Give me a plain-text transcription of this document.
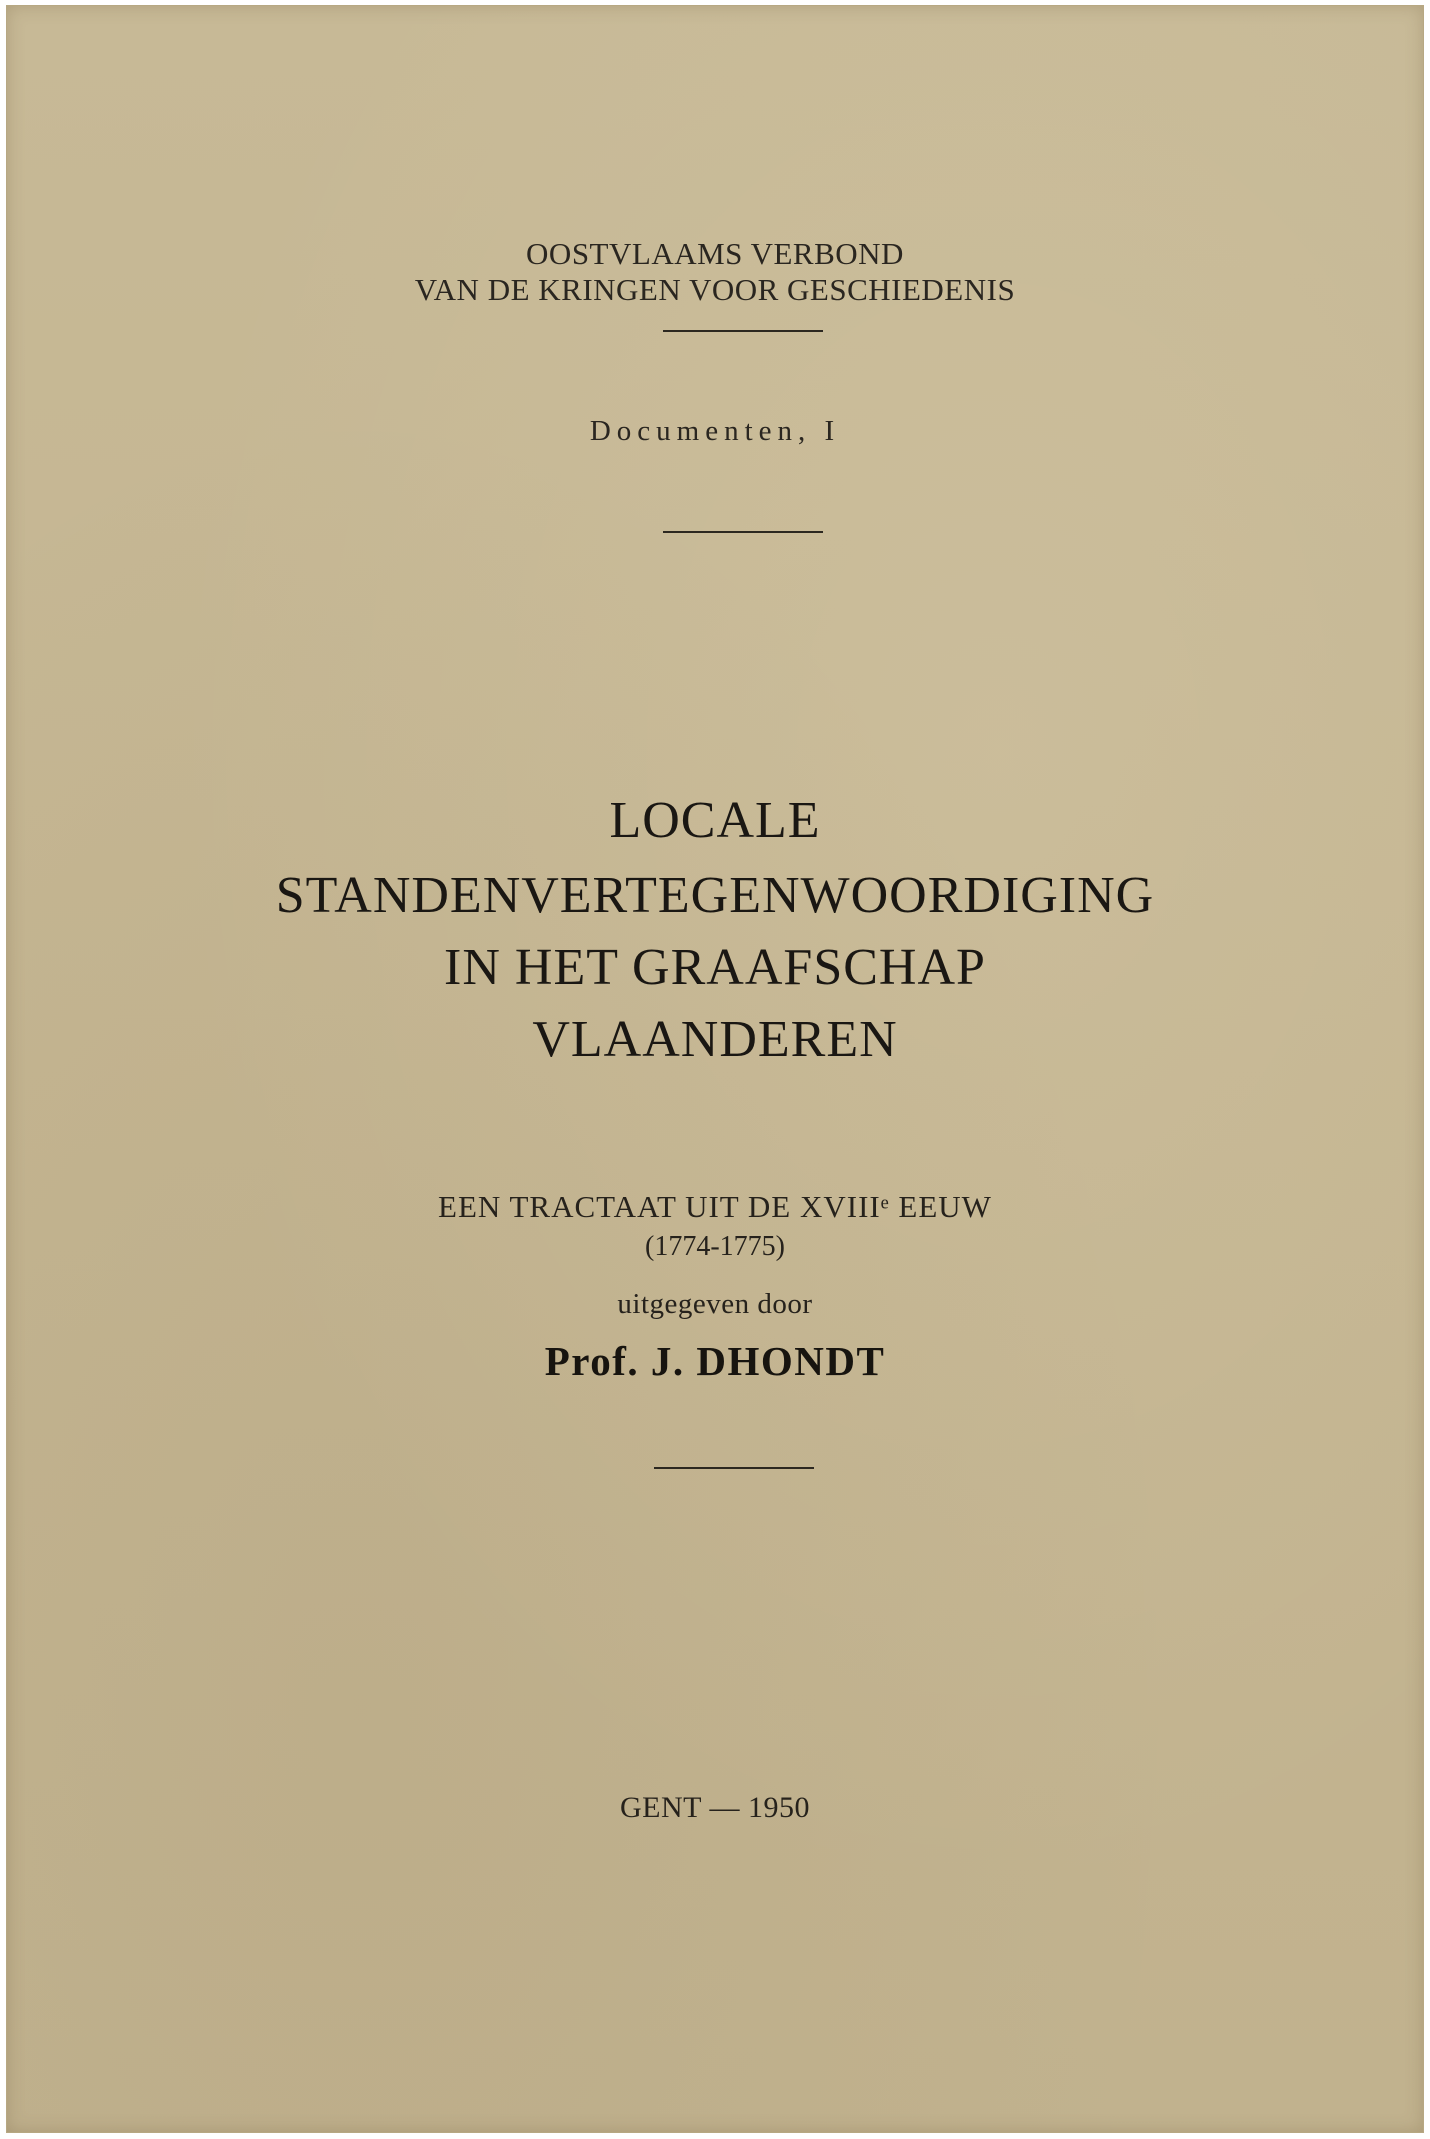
OOSTVLAAMS VERBOND
VAN DE KRINGEN VOOR GESCHIEDENIS
Documenten, I
LOCALE
STANDENVERTEGENWOORDIGING
IN HET GRAAFSCHAP
VLAANDEREN
EEN TRACTAAT UIT DE XVIIIᵉ EEUW
(1774-1775)
uitgegeven door
Prof. J. DHONDT
GENT — 1950
